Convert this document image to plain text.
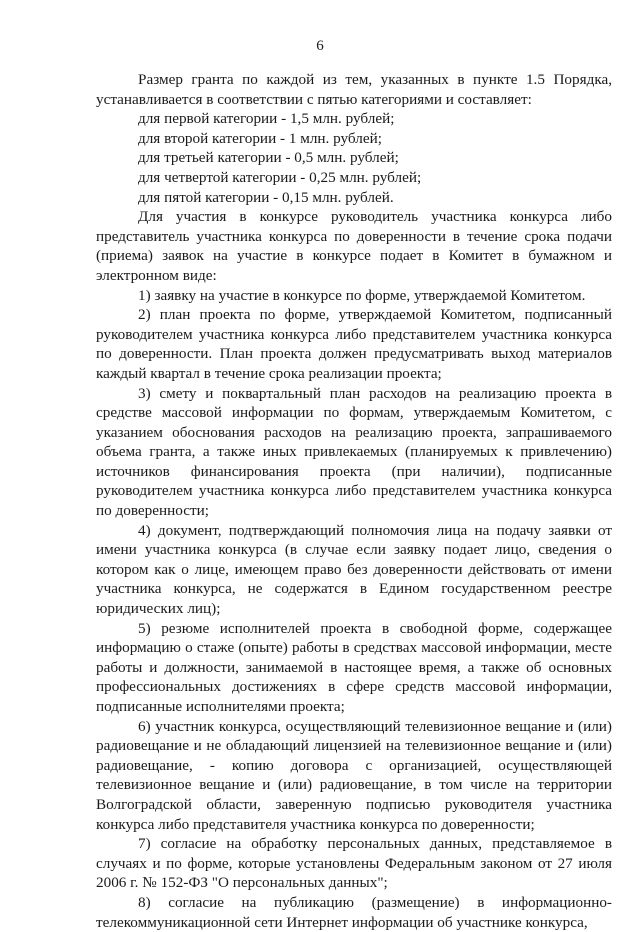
6

Размер гранта по каждой из тем, указанных в пункте 1.5 Порядка, устанавливается в соответствии с пятью категориями и составляет:

для первой категории - 1,5 млн. рублей;

для второй категории - 1 млн. рублей;

для третьей категории - 0,5 млн. рублей;

для четвертой категории - 0,25 млн. рублей;

для пятой категории - 0,15 млн. рублей.

Для участия в конкурсе руководитель участника конкурса либо представитель участника конкурса по доверенности в течение срока подачи (приема) заявок на участие в конкурсе подает в Комитет в бумажном и электронном виде:

1) заявку на участие в конкурсе по форме, утверждаемой Комитетом.

2) план проекта по форме, утверждаемой Комитетом, подписанный руководителем участника конкурса либо представителем участника конкурса по доверенности. План проекта должен предусматривать выход материалов каждый квартал в течение срока реализации проекта;

3) смету и поквартальный план расходов на реализацию проекта в средстве массовой информации по формам, утверждаемым Комитетом, с указанием обоснования расходов на реализацию проекта, запрашиваемого объема гранта, а также иных привлекаемых (планируемых к привлечению) источников финансирования проекта (при наличии), подписанные руководителем участника конкурса либо представителем участника конкурса по доверенности;

4) документ, подтверждающий полномочия лица на подачу заявки от имени участника конкурса (в случае если заявку подает лицо, сведения о котором как о лице, имеющем право без доверенности действовать от имени участника конкурса, не содержатся в Едином государственном реестре юридических лиц);

5) резюме исполнителей проекта в свободной форме, содержащее информацию о стаже (опыте) работы в средствах массовой информации, месте работы и должности, занимаемой в настоящее время, а также об основных профессиональных достижениях в сфере средств массовой информации, подписанные исполнителями проекта;

6) участник конкурса, осуществляющий телевизионное вещание и (или) радиовещание и не обладающий лицензией на телевизионное вещание и (или) радиовещание, - копию договора с организацией, осуществляющей телевизионное вещание и (или) радиовещание, в том числе на территории Волгоградской области, заверенную подписью руководителя участника конкурса либо представителя участника конкурса по доверенности;

7) согласие на обработку персональных данных, представляемое в случаях и по форме, которые установлены Федеральным законом от 27 июля 2006 г. № 152-ФЗ "О персональных данных";

8) согласие на публикацию (размещение) в информационно-телекоммуникационной сети Интернет информации об участнике конкурса,
